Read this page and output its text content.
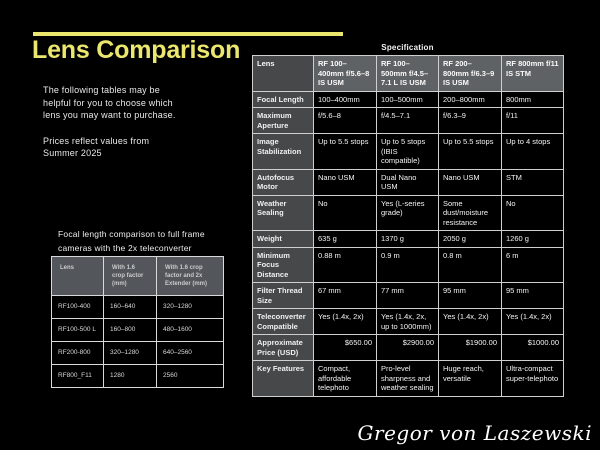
Lens Comparison
The following tables may be
helpful for you to choose which
lens you may want to purchase.
Prices reflect values from
Summer 2025
Focal length comparison to full frame
cameras with the 2x teleconverter
Lens	With 1.6 crop factor (mm)	With 1.6 crop factor and 2x Extender (mm)
RF100-400	160–640	320–1280
RF100-500 L	160–800	480–1600
RF200-800	320–1280	640–2560
RF800_F11	1280	2560
Specification
Lens	RF 100–400mm f/5.6–8 IS USM	RF 100–500mm f/4.5–7.1 L IS USM	RF 200–800mm f/6.3–9 IS USM	RF 800mm f/11 IS STM
Focal Length	100–400mm	100–500mm	200–800mm	800mm
Maximum Aperture	f/5.6–8	f/4.5–7.1	f/6.3–9	f/11
Image Stabilization	Up to 5.5 stops	Up to 5 stops (IBIS compatible)	Up to 5.5 stops	Up to 4 stops
Autofocus Motor	Nano USM	Dual Nano USM	Nano USM	STM
Weather Sealing	No	Yes (L-series grade)	Some dust/moisture resistance	No
Weight	635 g	1370 g	2050 g	1260 g
Minimum Focus Distance	0.88 m	0.9 m	0.8 m	6 m
Filter Thread Size	67 mm	77 mm	95 mm	95 mm
Teleconverter Compatible	Yes (1.4x, 2x)	Yes (1.4x, 2x, up to 1000mm)	Yes (1.4x, 2x)	Yes (1.4x, 2x)
Approximate Price (USD)	$650.00	$2900.00	$1900.00	$1000.00
Key Features	Compact, affordable telephoto	Pro-level sharpness and weather sealing	Huge reach, versatile	Ultra-compact super-telephoto
Gregor von Laszewski
